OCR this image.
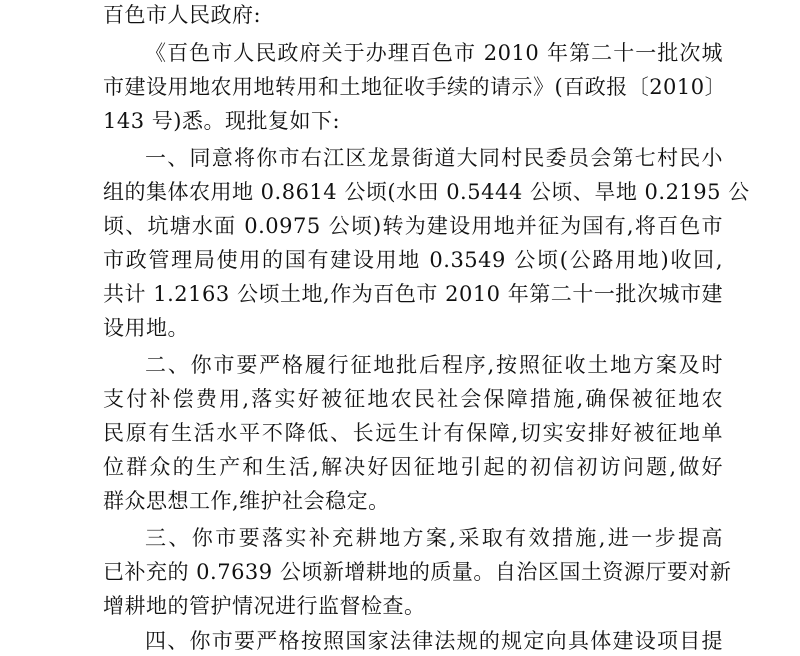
百色市人民政府:
《百色市人民政府关于办理百色市 2010 年第二十一批次城
市建设用地农用地转用和土地征收手续的请示》(百政报〔2010〕
143 号)悉。现批复如下:
一、同意将你市右江区龙景街道大同村民委员会第七村民小
组的集体农用地 0.8614 公顷(水田 0.5444 公顷、旱地 0.2195 公
顷、坑塘水面 0.0975 公顷)转为建设用地并征为国有,将百色市
市政管理局使用的国有建设用地 0.3549 公顷(公路用地)收回,
共计 1.2163 公顷土地,作为百色市 2010 年第二十一批次城市建
设用地。
二、你市要严格履行征地批后程序,按照征收土地方案及时
支付补偿费用,落实好被征地农民社会保障措施,确保被征地农
民原有生活水平不降低、长远生计有保障,切实安排好被征地单
位群众的生产和生活,解决好因征地引起的初信初访问题,做好
群众思想工作,维护社会稳定。
三、你市要落实补充耕地方案,采取有效措施,进一步提高
已补充的 0.7639 公顷新增耕地的质量。自治区国土资源厅要对新
增耕地的管护情况进行监督检查。
四、你市要严格按照国家法律法规的规定向具体建设项目提
